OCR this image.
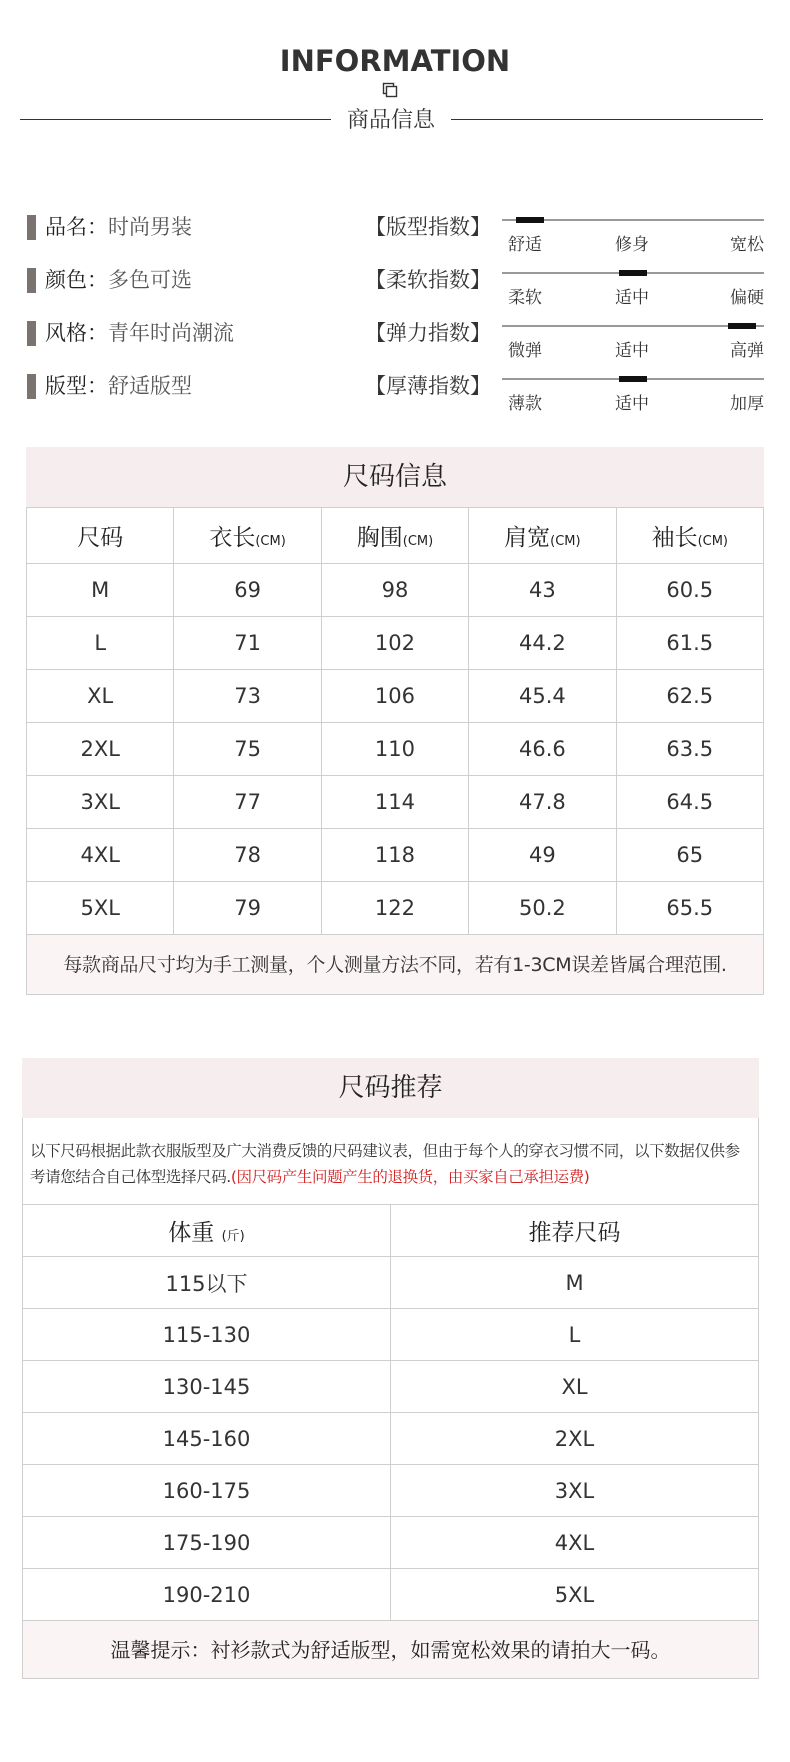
INFORMATION
商品信息
品名：时尚男装	【版型指数】
舒适	修身	宽松
颜色：多色可选	【柔软指数】
柔软	适中	偏硬
风格：青年时尚潮流	【弹力指数】
微弹	适中	高弹
版型：舒适版型	【厚薄指数】
薄款	适中	加厚
尺码信息
尺码	衣长(CM)	胸围(CM)	肩宽(CM)	袖长(CM)
M	69	98	43	60.5
L	71	102	44.2	61.5
XL	73	106	45.4	62.5
2XL	75	110	46.6	63.5
3XL	77	114	47.8	64.5
4XL	78	118	49	65
5XL	79	122	50.2	65.5
每款商品尺寸均为手工测量，个人测量方法不同，若有1-3CM误差皆属合理范围.
尺码推荐
以下尺码根据此款衣服版型及广大消费反馈的尺码建议表，但由于每个人的穿衣习惯不同，以下数据仅供参考请您结合自己体型选择尺码.(因尺码产生问题产生的退换货，由买家自己承担运费)
体重 (斤)	推荐尺码
115以下	M
115-130	L
130-145	XL
145-160	2XL
160-175	3XL
175-190	4XL
190-210	5XL
温馨提示：衬衫款式为舒适版型，如需宽松效果的请拍大一码。
